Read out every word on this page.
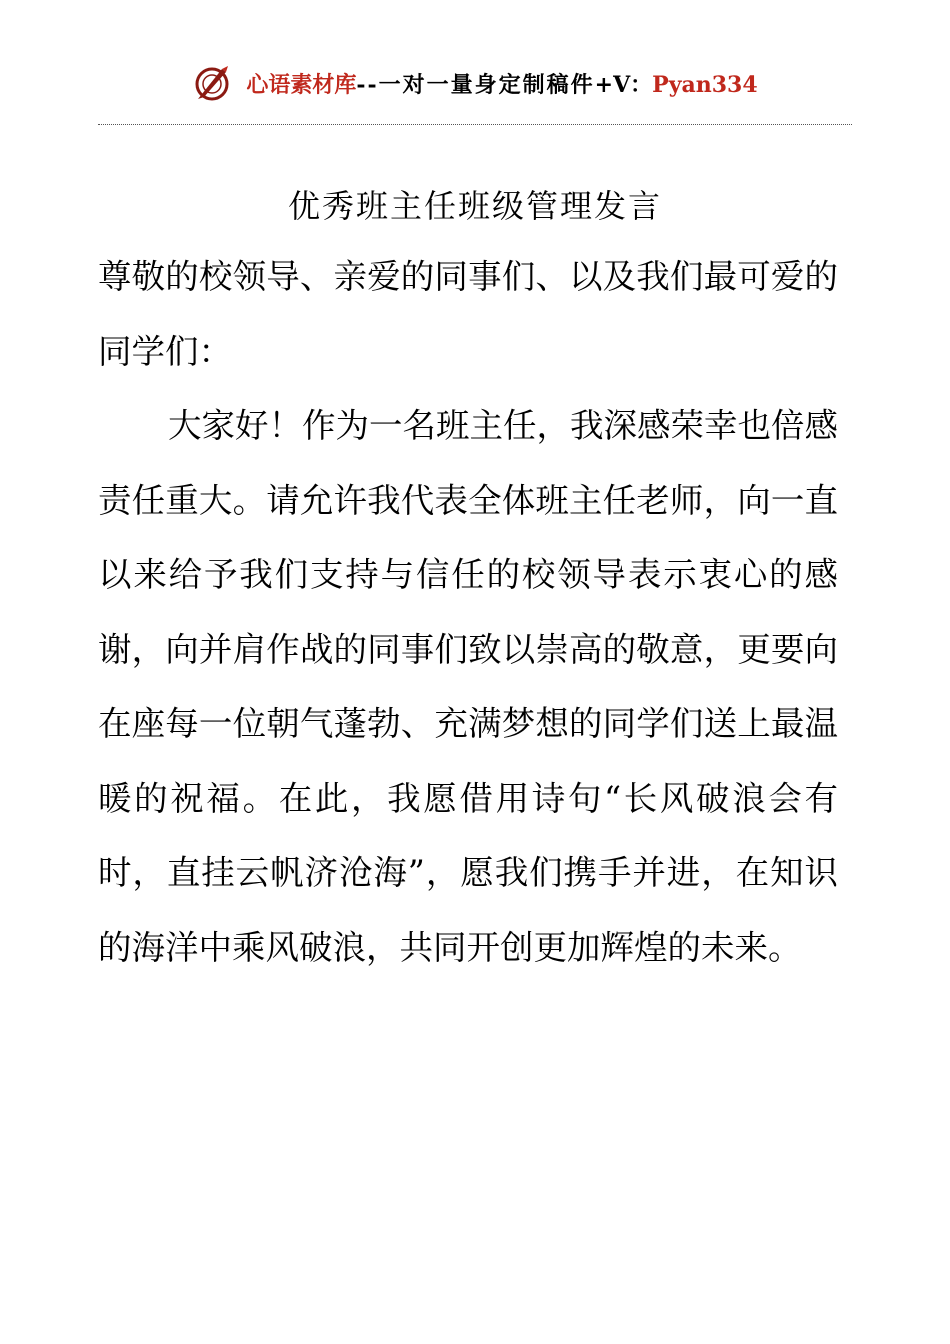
心语素材库--一对一量身定制稿件+V：Pyan334
优秀班主任班级管理发言

尊敬的校领导、亲爱的同事们、以及我们最可爱的同学们：

大家好！作为一名班主任，我深感荣幸也倍感责任重大。请允许我代表全体班主任老师，向一直以来给予我们支持与信任的校领导表示衷心的感谢，向并肩作战的同事们致以崇高的敬意，更要向在座每一位朝气蓬勃、充满梦想的同学们送上最温暖的祝福。在此，我愿借用诗句“长风破浪会有时，直挂云帆济沧海”，愿我们携手并进，在知识的海洋中乘风破浪，共同开创更加辉煌的未来。
